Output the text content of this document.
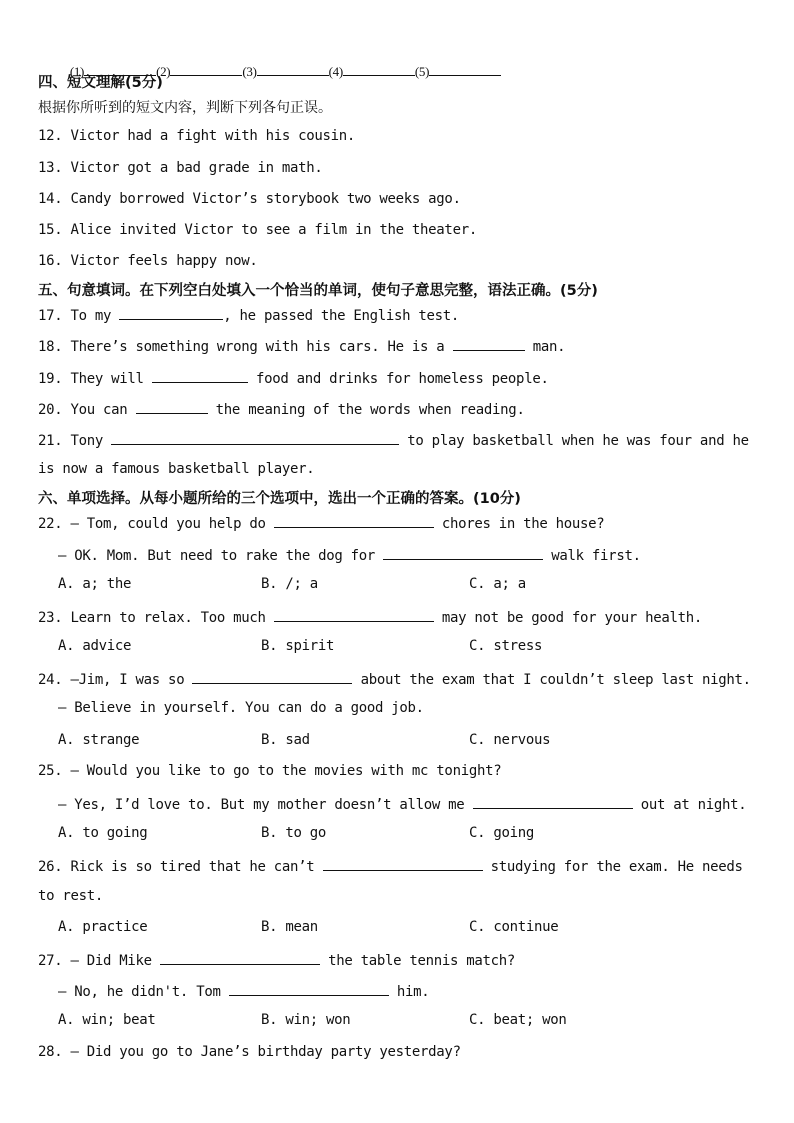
(1)	(2)	(3)	(4)	(5)

四、短文理解(5分)
根据你所听到的短文内容，判断下列各句正误。
12. Victor had a fight with his cousin.
13. Victor got a bad grade in math.
14. Candy borrowed Victor’s storybook two weeks ago.
15. Alice invited Victor to see a film in the theater.
16. Victor feels happy now.
五、句意填词。在下列空白处填入一个恰当的单词，使句子意思完整，语法正确。(5分)
17. To my	, he passed the English test.
18. There’s something wrong with his cars. He is a	man.
19. They will	food and drinks for homeless people.
20. You can	the meaning of the words when reading.
21. Tony	to play basketball when he was four and he
is now a famous basketball player.
六、单项选择。从每小题所给的三个选项中，选出一个正确的答案。(10分)
22. — Tom, could you help do	chores in the house?
— OK. Mom. But need to rake the dog for	walk first.
A. a; the	B. /; a	C. a; a
23. Learn to relax. Too much	may not be good for your health.
A. advice	B. spirit	C. stress
24. —Jim, I was so	about the exam that I couldn’t sleep last night.
— Believe in yourself. You can do a good job.
A. strange	B. sad	C. nervous
25. — Would you like to go to the movies with mc tonight?
— Yes, I’d love to. But my mother doesn’t allow me	out at night.
A. to going	B. to go	C. going
26. Rick is so tired that he can’t	studying for the exam. He needs
to rest.
A. practice	B. mean	C. continue
27. — Did Mike	the table tennis match?
— No, he didn't. Tom	him.
A. win; beat	B. win; won	C. beat; won
28. — Did you go to Jane’s birthday party yesterday?
